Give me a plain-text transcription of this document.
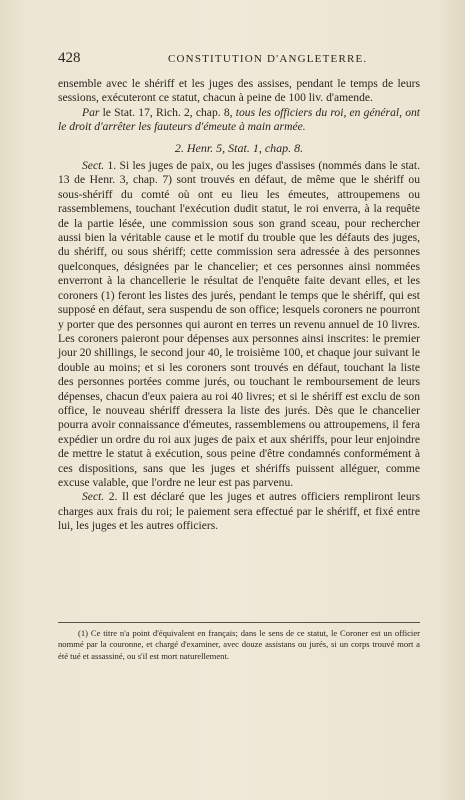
428	CONSTITUTION D'ANGLETERRE.

ensemble avec le shériff et les juges des assises, pendant le temps de leurs sessions, exécuteront ce statut, chacun à peine de 100 liv. d'amende.

Par le Stat. 17, Rich. 2, chap. 8, tous les officiers du roi, en général, ont le droit d'arrêter les fauteurs d'émeute à main armée.

2. Henr. 5, Stat. 1, chap. 8.

Sect. 1. Si les juges de paix, ou les juges d'assises (nommés dans le stat. 13 de Henr. 3, chap. 7) sont trouvés en défaut, de même que le shériff ou sous-shériff du comté où ont eu lieu les émeutes, attroupemens ou rassemblemens, touchant l'exécution dudit statut, le roi enverra, à la requête de la partie lésée, une commission sous son grand sceau, pour rechercher aussi bien la véritable cause et le motif du trouble que les défauts des juges, du shériff, ou sous shériff; cette commission sera adressée à des personnes quelconques, désignées par le chancelier; et ces personnes ainsi nommées enverront à la chancellerie le résultat de l'enquête faite devant elles, et les coroners (1) feront les listes des jurés, pendant le temps que le shériff, qui est supposé en défaut, sera suspendu de son office; lesquels coroners ne pourront y porter que des personnes qui auront en terres un revenu annuel de 10 livres. Les coroners paieront pour dépenses aux personnes ainsi inscrites: le premier jour 20 shillings, le second jour 40, le troisième 100, et chaque jour suivant le double au moins; et si les coroners sont trouvés en défaut, touchant la liste des personnes portées comme jurés, ou touchant le remboursement de leurs dépenses, chacun d'eux paiera au roi 40 livres; et si le shériff est exclu de son office, le nouveau shériff dressera la liste des jurés. Dès que le chancelier pourra avoir connaissance d'émeutes, rassemblemens ou attroupemens, il fera expédier un ordre du roi aux juges de paix et aux shériffs, pour leur enjoindre de mettre le statut à exécution, sous peine d'être condamnés conformément à ces dispositions, sans que les juges et shériffs puissent alléguer, comme excuse valable, que l'ordre ne leur est pas parvenu.

Sect. 2. Il est déclaré que les juges et autres officiers rempliront leurs charges aux frais du roi; le paiement sera effectué par le shériff, et fixé entre lui, les juges et les autres officiers.

(1) Ce titre n'a point d'équivalent en français; dans le sens de ce statut, le Coroner est un officier nommé par la couronne, et chargé d'examiner, avec douze assistans ou jurés, si un corps trouvé mort a été tué et assassiné, ou s'il est mort naturellement.
